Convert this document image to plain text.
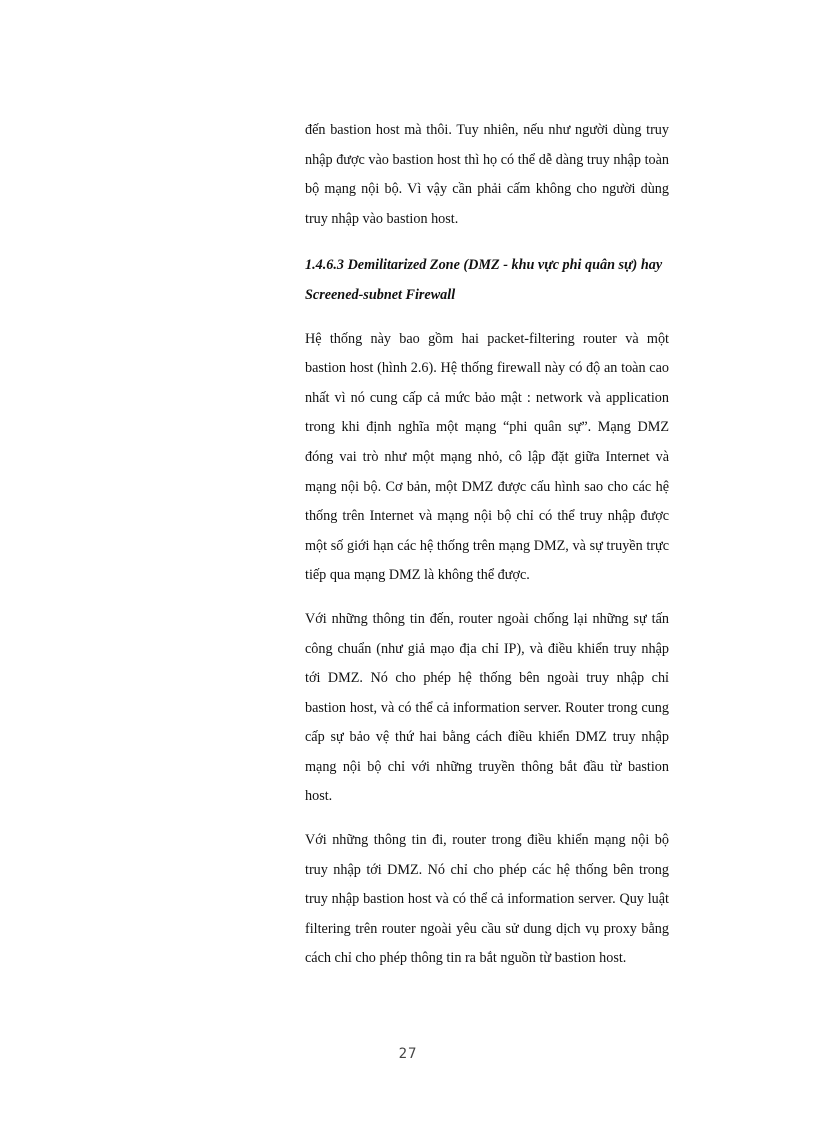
đến bastion host mà thôi. Tuy nhiên, nếu như người dùng truy nhập được vào bastion host thì họ có thể dễ dàng truy nhập toàn bộ mạng nội bộ. Vì vậy cần phải cấm không cho người dùng truy nhập vào bastion host.

1.4.6.3 Demilitarized Zone (DMZ - khu vực phi quân sự) hay Screened-subnet Firewall

Hệ thống này bao gồm hai packet-filtering router và một bastion host (hình 2.6). Hệ thống firewall này có độ an toàn cao nhất vì nó cung cấp cả mức bảo mật : network và application trong khi định nghĩa một mạng “phi quân sự”. Mạng DMZ đóng vai trò như một mạng nhỏ, cô lập đặt giữa Internet và mạng nội bộ. Cơ bản, một DMZ được cấu hình sao cho các hệ thống trên Internet và mạng nội bộ chỉ có thể truy nhập được một số giới hạn các hệ thống trên mạng DMZ, và sự truyền trực tiếp qua mạng DMZ là không thể được.

Với những thông tin đến, router ngoài chống lại những sự tấn công chuẩn (như giả mạo địa chỉ IP), và điều khiển truy nhập tới DMZ. Nó cho phép hệ thống bên ngoài truy nhập chỉ bastion host, và có thể cả information server. Router trong cung cấp sự bảo vệ thứ hai bằng cách điều khiển DMZ truy nhập mạng nội bộ chỉ với những truyền thông bắt đầu từ bastion host.

Với những thông tin đi, router trong điều khiển mạng nội bộ truy nhập tới DMZ. Nó chỉ cho phép các hệ thống bên trong truy nhập bastion host và có thể cả information server. Quy luật filtering trên router ngoài yêu cầu sử dung dịch vụ proxy bằng cách chỉ cho phép thông tin ra bắt nguồn từ bastion host.

27
